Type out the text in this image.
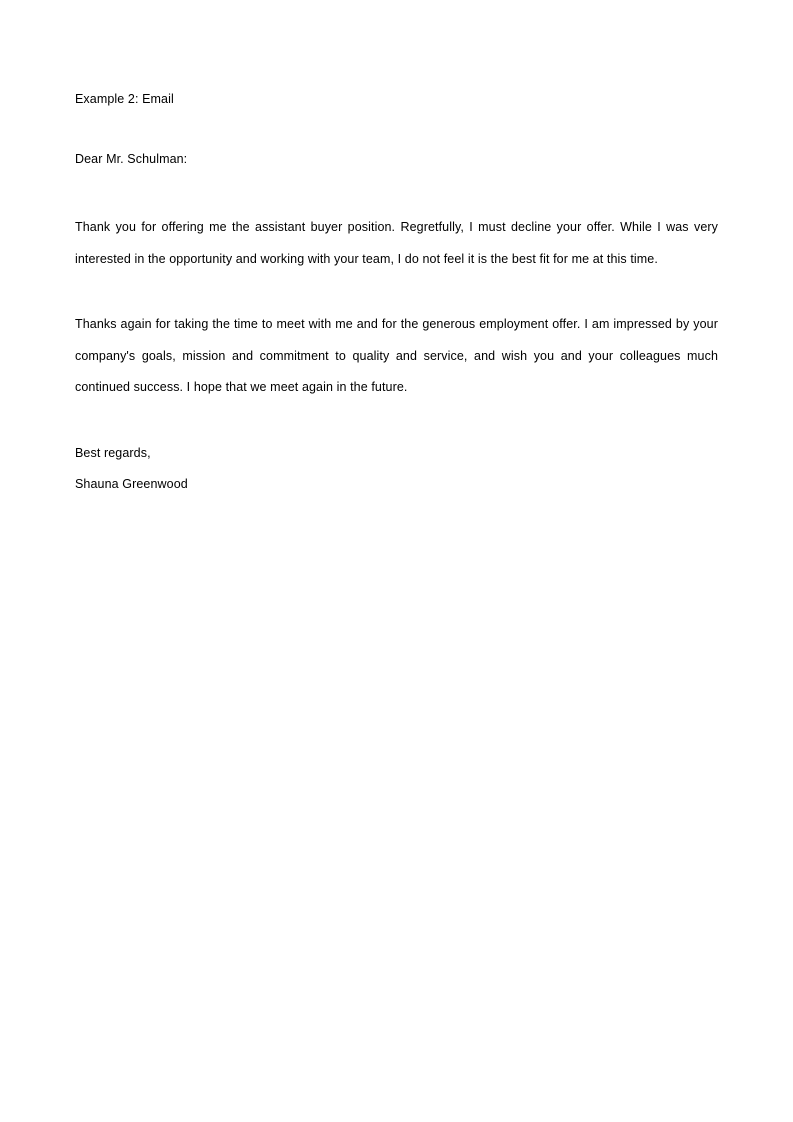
Example 2: Email
Dear Mr. Schulman:

Thank you for offering me the assistant buyer position. Regretfully, I must decline your offer. While I was very interested in the opportunity and working with your team, I do not feel it is the best fit for me at this time.

Thanks again for taking the time to meet with me and for the generous employment offer. I am impressed by your company's goals, mission and commitment to quality and service, and wish you and your colleagues much continued success. I hope that we meet again in the future.

Best regards,
Shauna Greenwood
